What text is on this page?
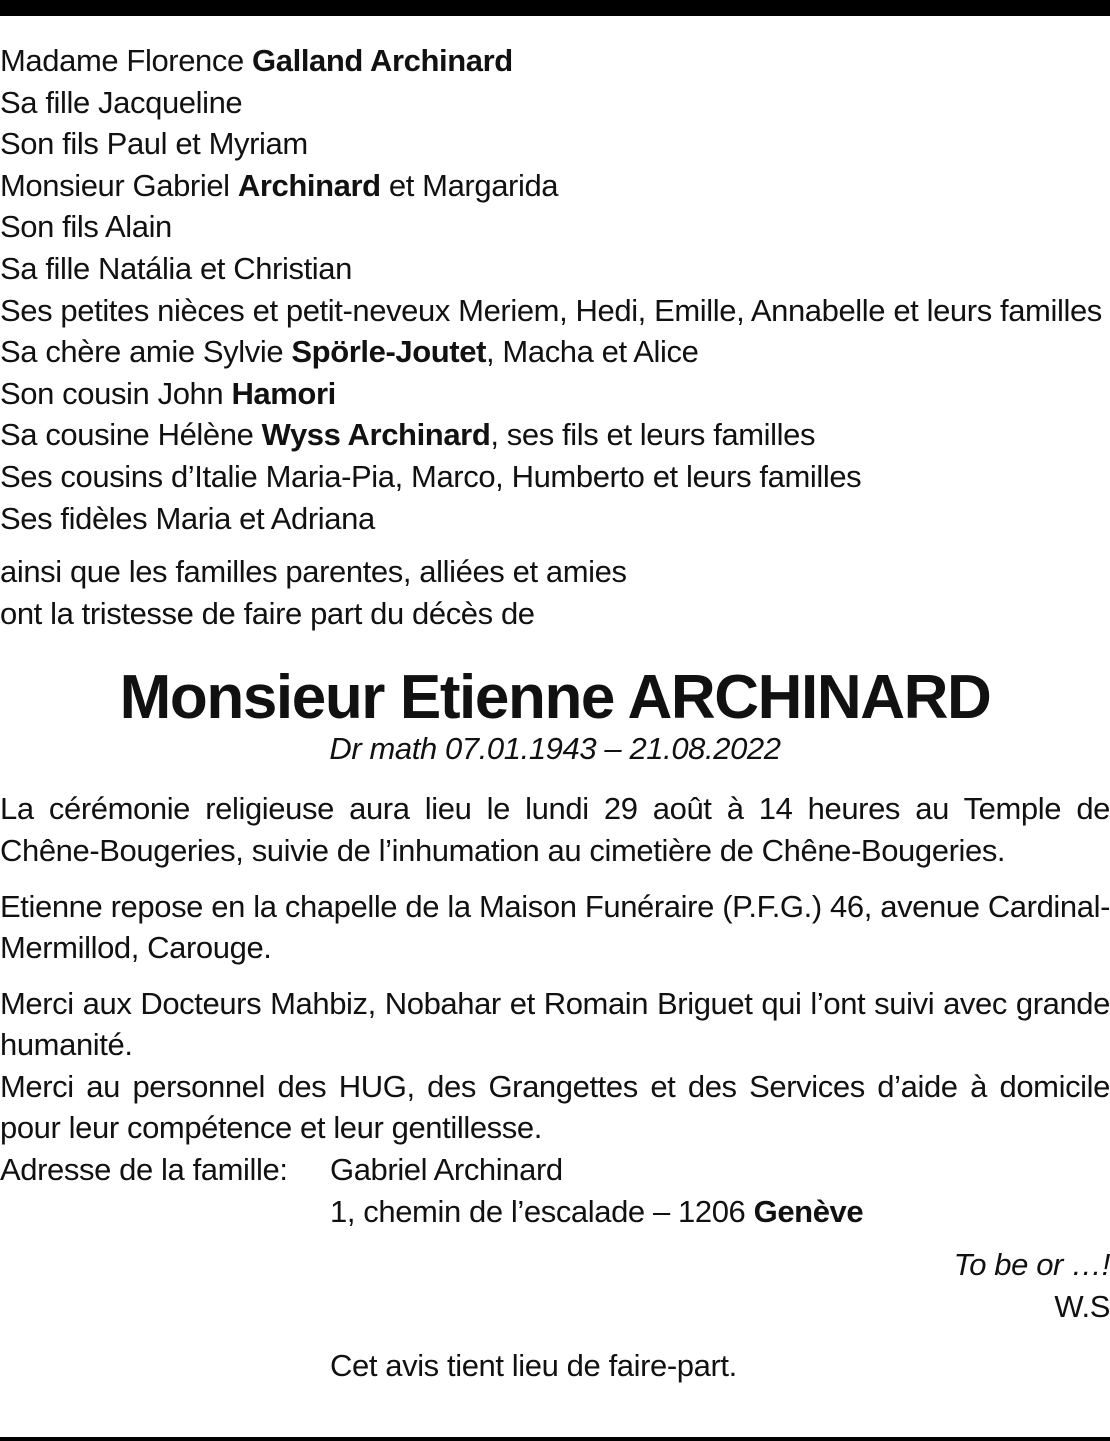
Madame Florence Galland Archinard
Sa fille Jacqueline
Son fils Paul et Myriam
Monsieur Gabriel Archinard et Margarida
Son fils Alain
Sa fille Natália et Christian
Ses petites nièces et petit-neveux Meriem, Hedi, Emille, Annabelle et leurs familles
Sa chère amie Sylvie Spörle-Joutet, Macha et Alice
Son cousin John Hamori
Sa cousine Hélène Wyss Archinard, ses fils et leurs familles
Ses cousins d’Italie Maria-Pia, Marco, Humberto et leurs familles
Ses fidèles Maria et Adriana
ainsi que les familles parentes, alliées et amies
ont la tristesse de faire part du décès de
Monsieur Etienne ARCHINARD
Dr math 07.01.1943 – 21.08.2022
La cérémonie religieuse aura lieu le lundi 29 août à 14 heures au Temple de Chêne-Bougeries, suivie de l’inhumation au cimetière de Chêne-Bougeries.
Etienne repose en la chapelle de la Maison Funéraire (P.F.G.) 46, avenue Cardinal-Mermillod, Carouge.
Merci aux Docteurs Mahbiz, Nobahar et Romain Briguet qui l’ont suivi avec grande humanité.
Merci au personnel des HUG, des Grangettes et des Services d’aide à domicile pour leur compétence et leur gentillesse.
Adresse de la famille:	Gabriel Archinard
1, chemin de l’escalade – 1206 Genève
To be or …!
W.S
Cet avis tient lieu de faire-part.
